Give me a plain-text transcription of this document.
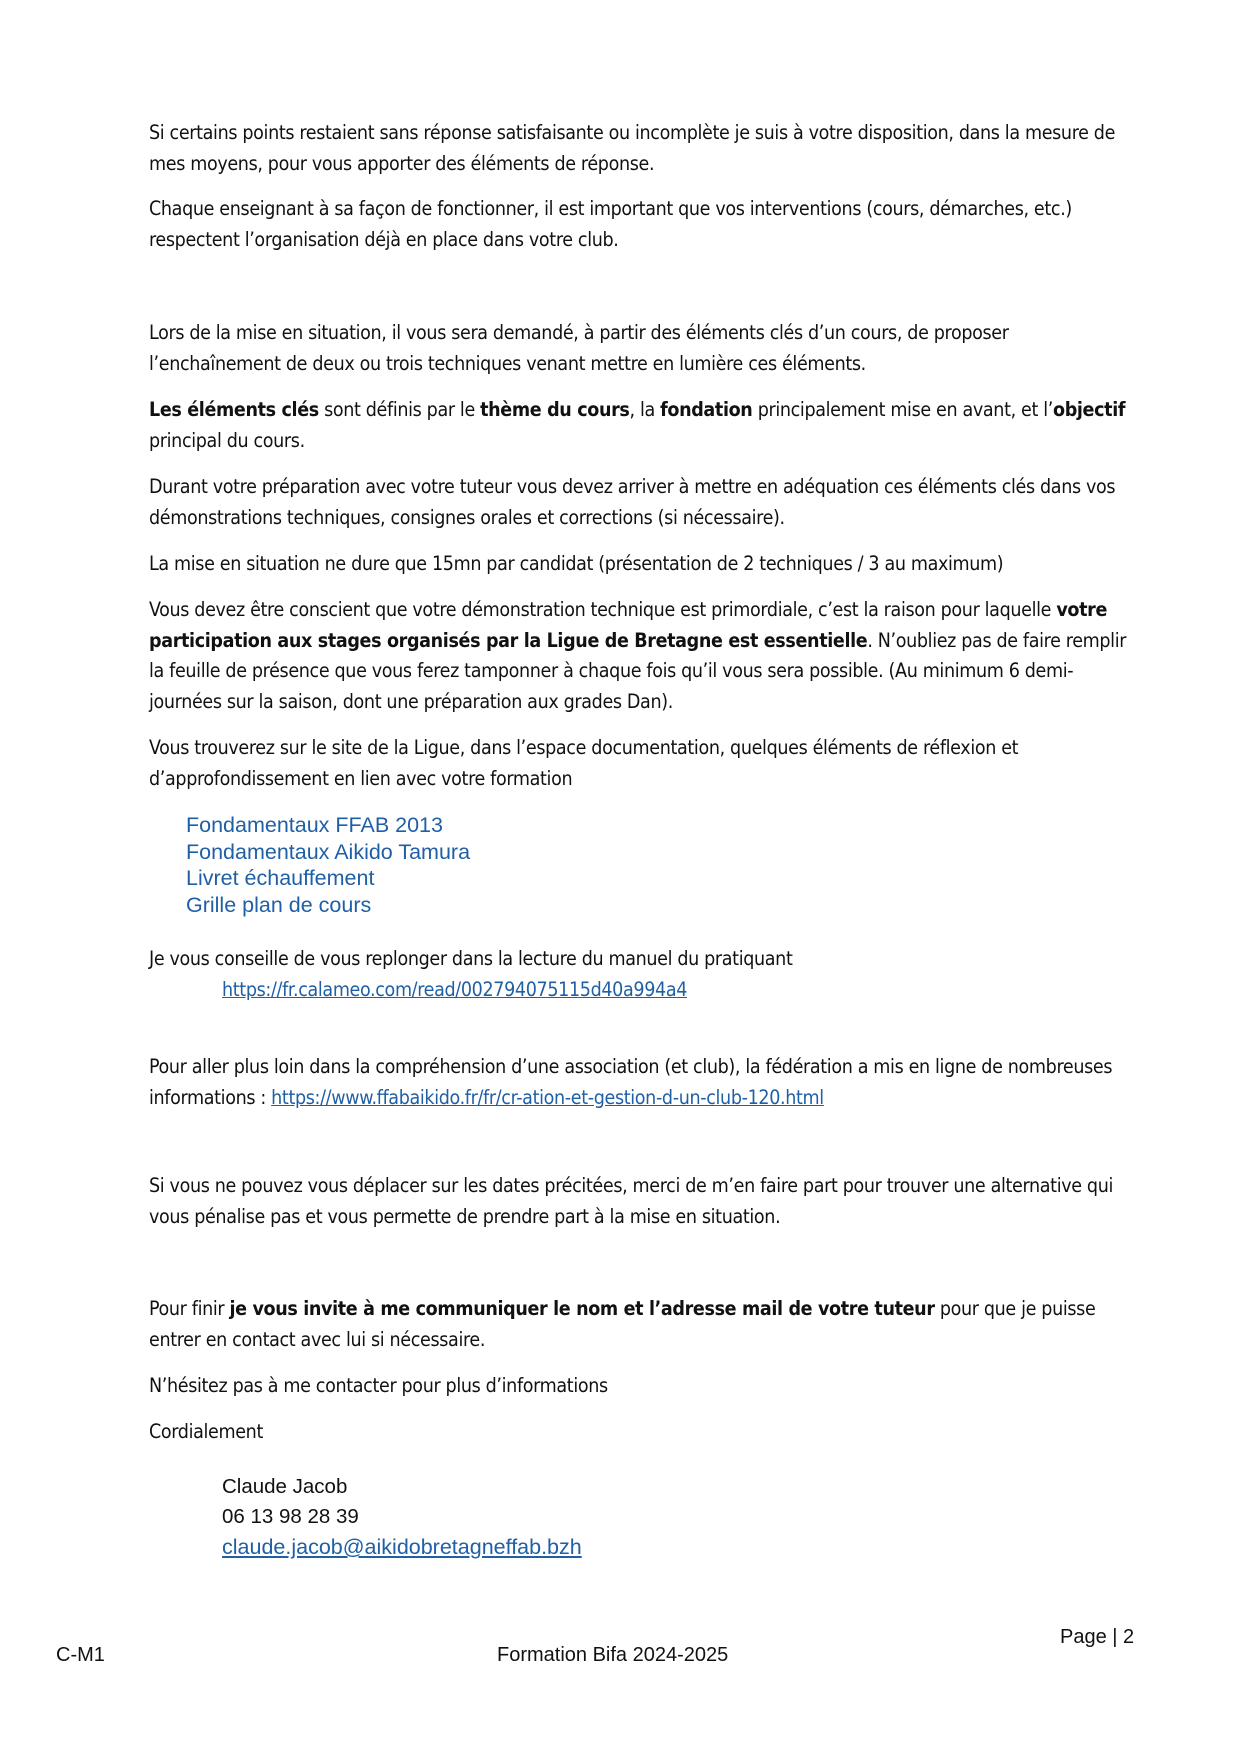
Si certains points restaient sans réponse satisfaisante ou incomplète je suis à votre disposition, dans la mesure de mes moyens, pour vous apporter des éléments de réponse.

Chaque enseignant à sa façon de fonctionner, il est important que vos interventions (cours, démarches, etc.) respectent l’organisation déjà en place dans votre club.

Lors de la mise en situation, il vous sera demandé, à partir des éléments clés d’un cours, de proposer l’enchaînement de deux ou trois techniques venant mettre en lumière ces éléments.

Les éléments clés sont définis par le thème du cours, la fondation principalement mise en avant, et l’objectif principal du cours.

Durant votre préparation avec votre tuteur vous devez arriver à mettre en adéquation ces éléments clés dans vos démonstrations techniques, consignes orales et corrections (si nécessaire).

La mise en situation ne dure que 15mn par candidat (présentation de 2 techniques / 3 au maximum)

Vous devez être conscient que votre démonstration technique est primordiale, c’est la raison pour laquelle votre participation aux stages organisés par la Ligue de Bretagne est essentielle. N’oubliez pas de faire remplir la feuille de présence que vous ferez tamponner à chaque fois qu’il vous sera possible. (Au minimum 6 demi-journées sur la saison, dont une préparation aux grades Dan).

Vous trouverez sur le site de la Ligue, dans l’espace documentation, quelques éléments de réflexion et d’approfondissement en lien avec votre formation

Fondamentaux FFAB 2013
Fondamentaux Aikido Tamura
Livret échauffement
Grille plan de cours

Je vous conseille de vous replonger dans la lecture du manuel du pratiquant

https://fr.calameo.com/read/002794075115d40a994a4

Pour aller plus loin dans la compréhension d’une association (et club), la fédération a mis en ligne de nombreuses informations : https://www.ffabaikido.fr/fr/cr-ation-et-gestion-d-un-club-120.html

Si vous ne pouvez vous déplacer sur les dates précitées, merci de m’en faire part pour trouver une alternative qui vous pénalise pas et vous permette de prendre part à la mise en situation.

Pour finir je vous invite à me communiquer le nom et l’adresse mail de votre tuteur pour que je puisse entrer en contact avec lui si nécessaire.

N’hésitez pas à me contacter pour plus d’informations

Cordialement

Claude Jacob
06 13 98 28 39
claude.jacob@aikidobretagneffab.bzh
C-M1	Formation Bifa 2024-2025
Page | 2
